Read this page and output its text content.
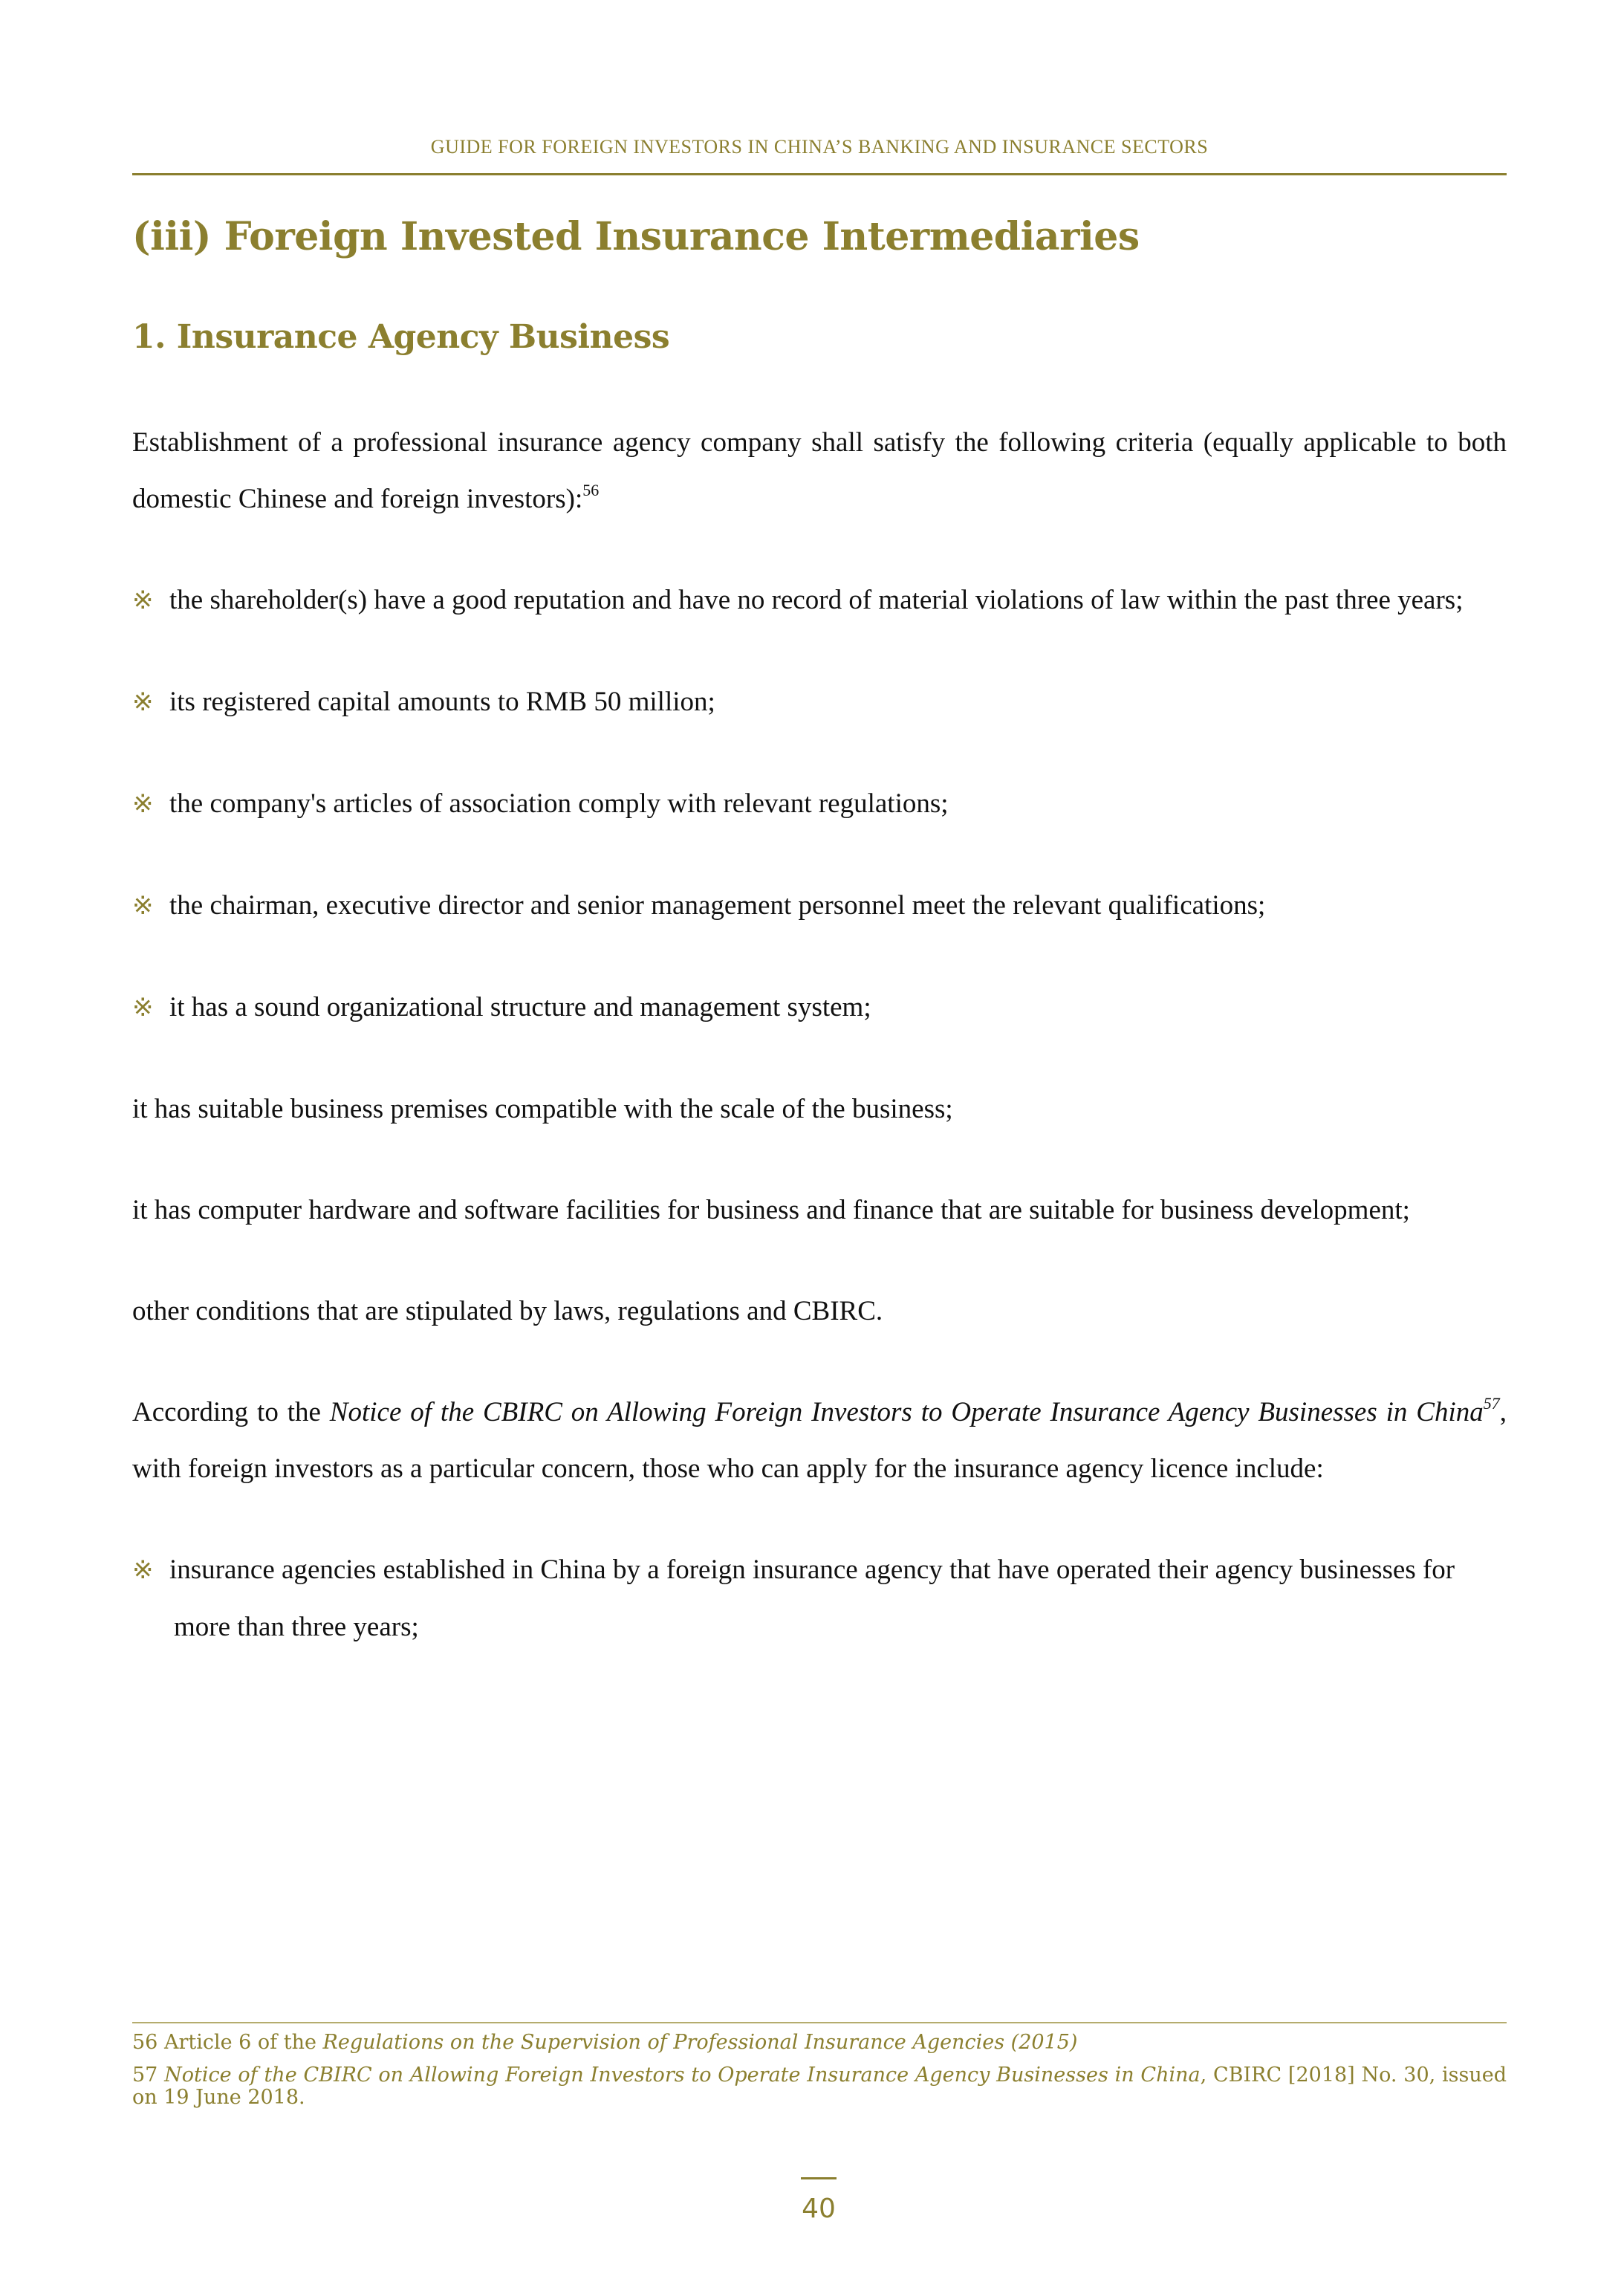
GUIDE FOR FOREIGN INVESTORS IN CHINA’S BANKING AND INSURANCE SECTORS
(iii) Foreign Invested Insurance Intermediaries
1. Insurance Agency Business

Establishment of a professional insurance agency company shall satisfy the following criteria (equally applicable to both domestic Chinese and foreign investors):$^{56}$

※ the shareholder(s) have a good reputation and have no record of material violations of law within the past three years;

※ its registered capital amounts to RMB 50 million;

※ the company's articles of association comply with relevant regulations;

※ the chairman, executive director and senior management personnel meet the relevant qualifications;

※ it has a sound organizational structure and management system;

it has suitable business premises compatible with the scale of the business;

it has computer hardware and software facilities for business and finance that are suitable for business development;

other conditions that are stipulated by laws, regulations and CBIRC.

According to the Notice of the CBIRC on Allowing Foreign Investors to Operate Insurance Agency Businesses in China$^{57}$, with foreign investors as a particular concern, those who can apply for the insurance agency licence include:

※ insurance agencies established in China by a foreign insurance agency that have operated their agency businesses for more than three years;

56 Article 6 of the Regulations on the Supervision of Professional Insurance Agencies (2015)

57 Notice of the CBIRC on Allowing Foreign Investors to Operate Insurance Agency Businesses in China, CBIRC [2018] No. 30, issued on 19 June 2018.

40
